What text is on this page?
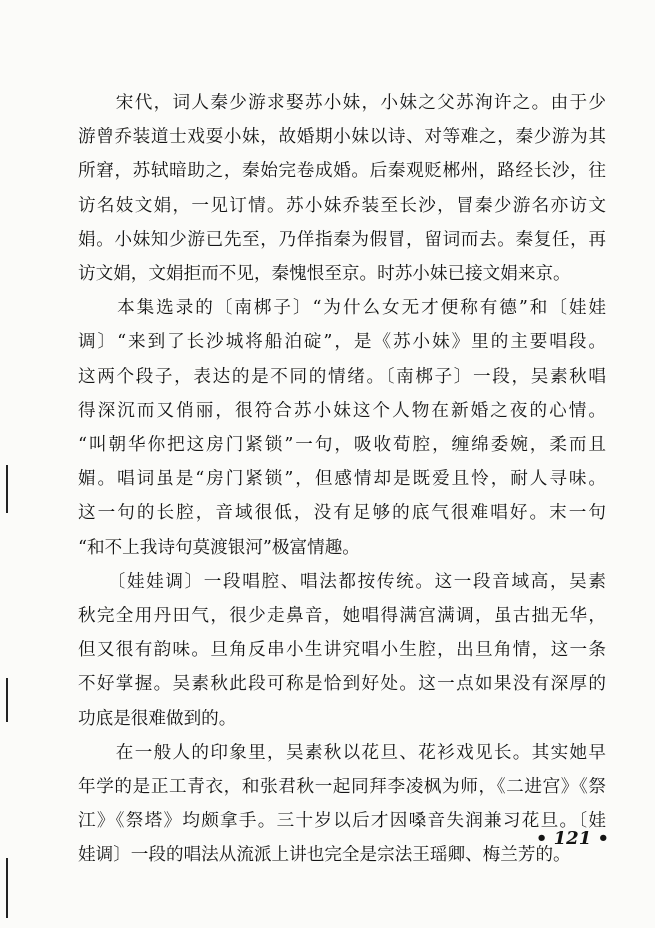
　　宋代，词人秦少游求娶苏小妹，小妹之父苏洵许之。由于少
游曾乔装道士戏耍小妹，故婚期小妹以诗、对等难之，秦少游为其
所窘，苏轼暗助之，秦始完卷成婚。后秦观贬郴州，路经长沙，往
访名妓文娟，一见订情。苏小妹乔装至长沙，冒秦少游名亦访文
娟。小妹知少游已先至，乃佯指秦为假冒，留词而去。秦复任，再
访文娟，文娟拒而不见，秦愧恨至京。时苏小妹已接文娟来京。
　　本集选录的〔南梆子〕“为什么女无才便称有德”和〔娃娃
调〕“来到了长沙城将船泊碇”，是《苏小妹》里的主要唱段。
这两个段子，表达的是不同的情绪。〔南梆子〕一段，吴素秋唱
得深沉而又俏丽，很符合苏小妹这个人物在新婚之夜的心情。
“叫朝华你把这房门紧锁”一句，吸收荀腔，缠绵委婉，柔而且
媚。唱词虽是“房门紧锁”，但感情却是既爱且怜，耐人寻味。
这一句的长腔，音域很低，没有足够的底气很难唱好。末一句
“和不上我诗句莫渡银河”极富情趣。
　　〔娃娃调〕一段唱腔、唱法都按传统。这一段音域高，吴素
秋完全用丹田气，很少走鼻音，她唱得满宫满调，虽古拙无华，
但又很有韵味。旦角反串小生讲究唱小生腔，出旦角情，这一条
不好掌握。吴素秋此段可称是恰到好处。这一点如果没有深厚的
功底是很难做到的。
　　在一般人的印象里，吴素秋以花旦、花衫戏见长。其实她早
年学的是正工青衣，和张君秋一起同拜李凌枫为师，《二进宫》《祭
江》《祭塔》均颇拿手。三十岁以后才因嗓音失润兼习花旦。〔娃
娃调〕一段的唱法从流派上讲也完全是宗法王瑶卿、梅兰芳的。
• 121 •
